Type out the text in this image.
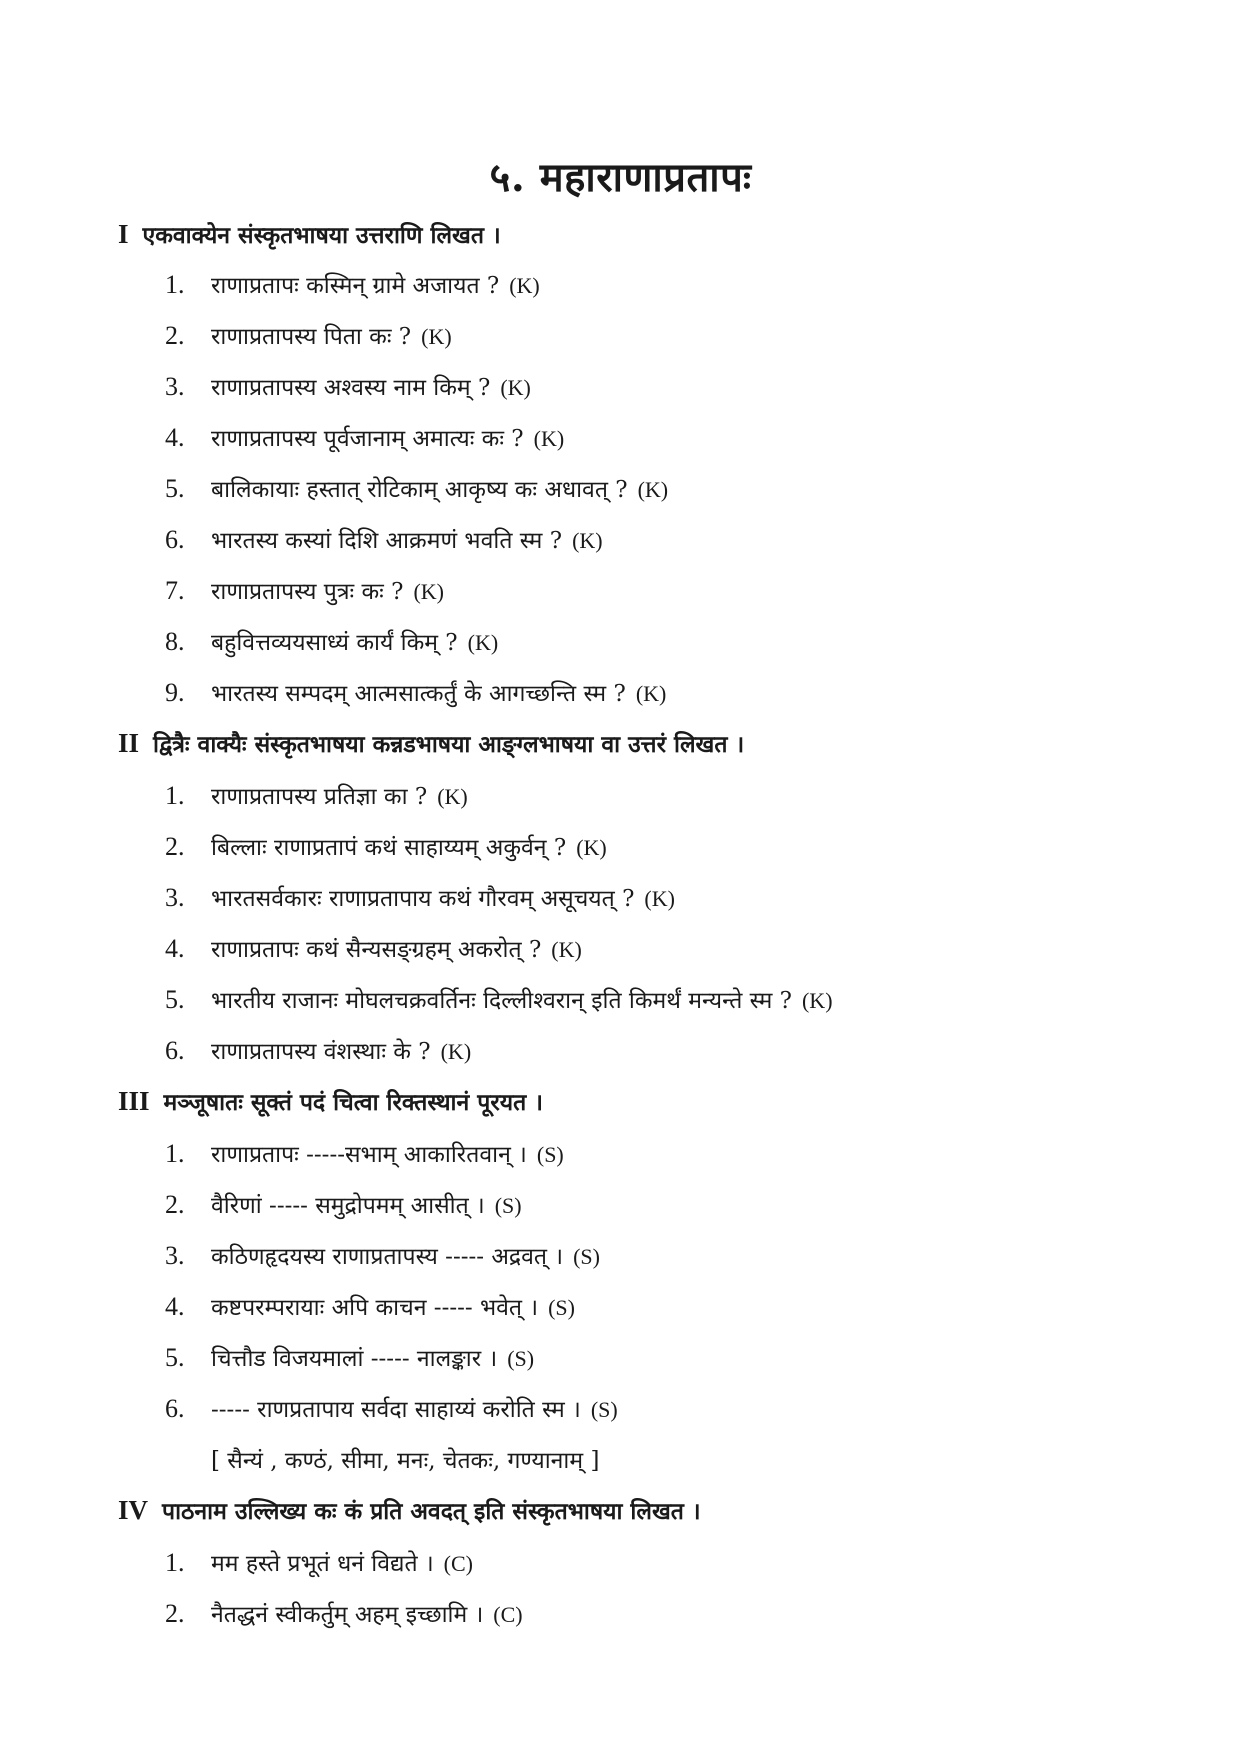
५. महाराणाप्रतापः
I एकवाक्येन संस्कृतभाषया उत्तराणि लिखत ।
1. राणाप्रतापः कस्मिन् ग्रामे अजायत ? (K)
2. राणाप्रतापस्य पिता कः ? (K)
3. राणाप्रतापस्य अश्वस्य नाम किम् ? (K)
4. राणाप्रतापस्य पूर्वजानाम् अमात्यः कः ? (K)
5. बालिकायाः हस्तात् रोटिकाम् आकृष्य कः अधावत् ? (K)
6. भारतस्य कस्यां दिशि आक्रमणं भवति स्म ? (K)
7. राणाप्रतापस्य पुत्रः कः ? (K)
8. बहुवित्तव्ययसाध्यं कार्यं किम् ? (K)
9. भारतस्य सम्पदम् आत्मसात्कर्तुं के आगच्छन्ति स्म ? (K)
II द्वित्रैः वाक्यैः संस्कृतभाषया कन्नडभाषया आङ्ग्लभाषया वा उत्तरं लिखत ।
1. राणाप्रतापस्य प्रतिज्ञा का ? (K)
2. बिल्लाः राणाप्रतापं कथं साहाय्यम् अकुर्वन् ? (K)
3. भारतसर्वकारः राणाप्रतापाय कथं गौरवम् असूचयत् ? (K)
4. राणाप्रतापः कथं सैन्यसङ्ग्रहम् अकरोत् ? (K)
5. भारतीय राजानः मोघलचक्रवर्तिनः दिल्लीश्वरान् इति किमर्थं मन्यन्ते स्म ? (K)
6. राणाप्रतापस्य वंशस्थाः के ? (K)
III मञ्जूषातः सूक्तं पदं चित्वा रिक्तस्थानं पूरयत ।
1. राणाप्रतापः -----सभाम् आकारितवान् । (S)
2. वैरिणां ----- समुद्रोपमम् आसीत् । (S)
3. कठिणहृदयस्य राणाप्रतापस्य ----- अद्रवत् । (S)
4. कष्टपरम्परायाः अपि काचन ----- भवेत् । (S)
5. चित्तौड विजयमालां ----- नालङ्कार । (S)
6. ----- राणप्रतापाय सर्वदा साहाय्यं करोति स्म । (S)
[ सैन्यं , कण्ठं, सीमा, मनः, चेतकः, गण्यानाम् ]
IV पाठनाम उल्लिख्य कः कं प्रति अवदत् इति संस्कृतभाषया लिखत ।
1. मम हस्ते प्रभूतं धनं विद्यते । (C)
2. नैतद्धनं स्वीकर्तुम् अहम् इच्छामि । (C)
